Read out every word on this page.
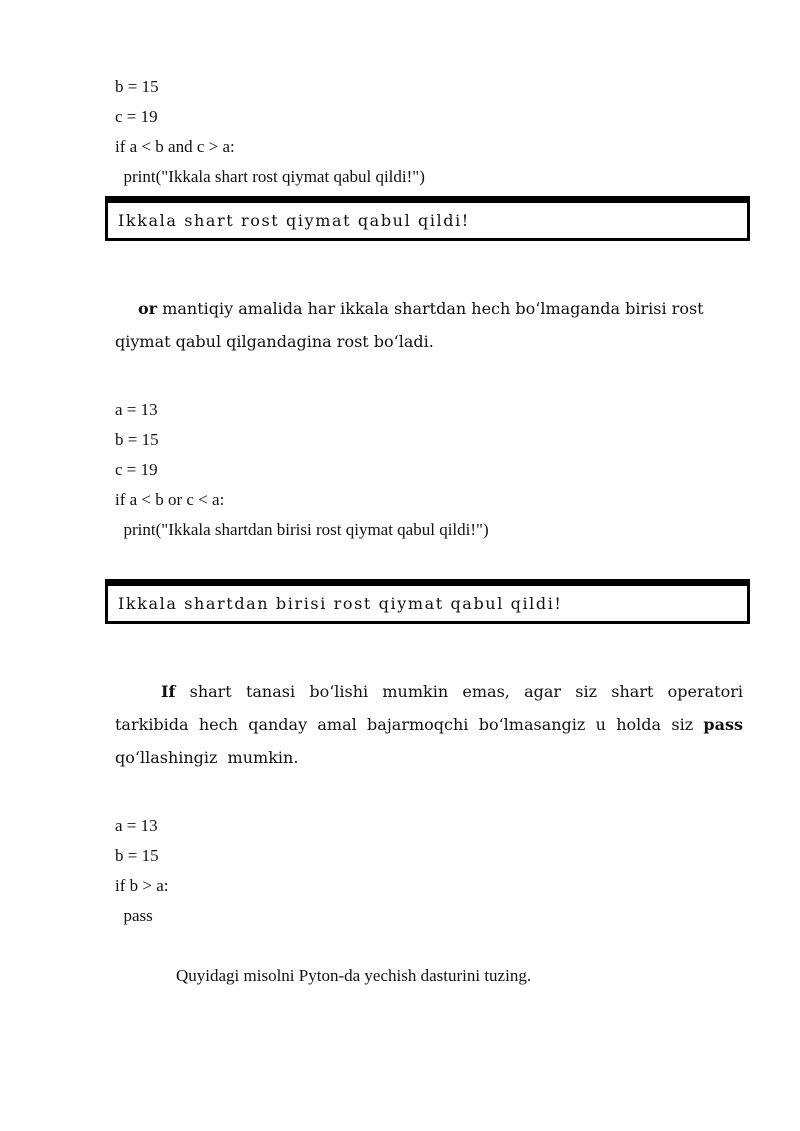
b = 15
c = 19
if a < b and c > a:
print("Ikkala shart rost qiymat qabul qildi!")
Ikkala shart rost qiymat qabul qildi!
or mantiqiy amalida har ikkala shartdan hech bo‘lmaganda birisi rost
qiymat qabul qilgandagina rost bo‘ladi.
a = 13
b = 15
c = 19
if a < b or c < a:
print("Ikkala shartdan birisi rost qiymat qabul qildi!")
Ikkala shartdan birisi rost qiymat qabul qildi!
If shart tanasi bo‘lishi mumkin emas, agar siz shart operatori tarkibida hech qanday amal bajarmoqchi bo‘lmasangiz u holda siz pass qo‘llashingiz mumkin.
a = 13
b = 15
if b > a:
pass
Quyidagi misolni Pyton-da yechish dasturini tuzing.
